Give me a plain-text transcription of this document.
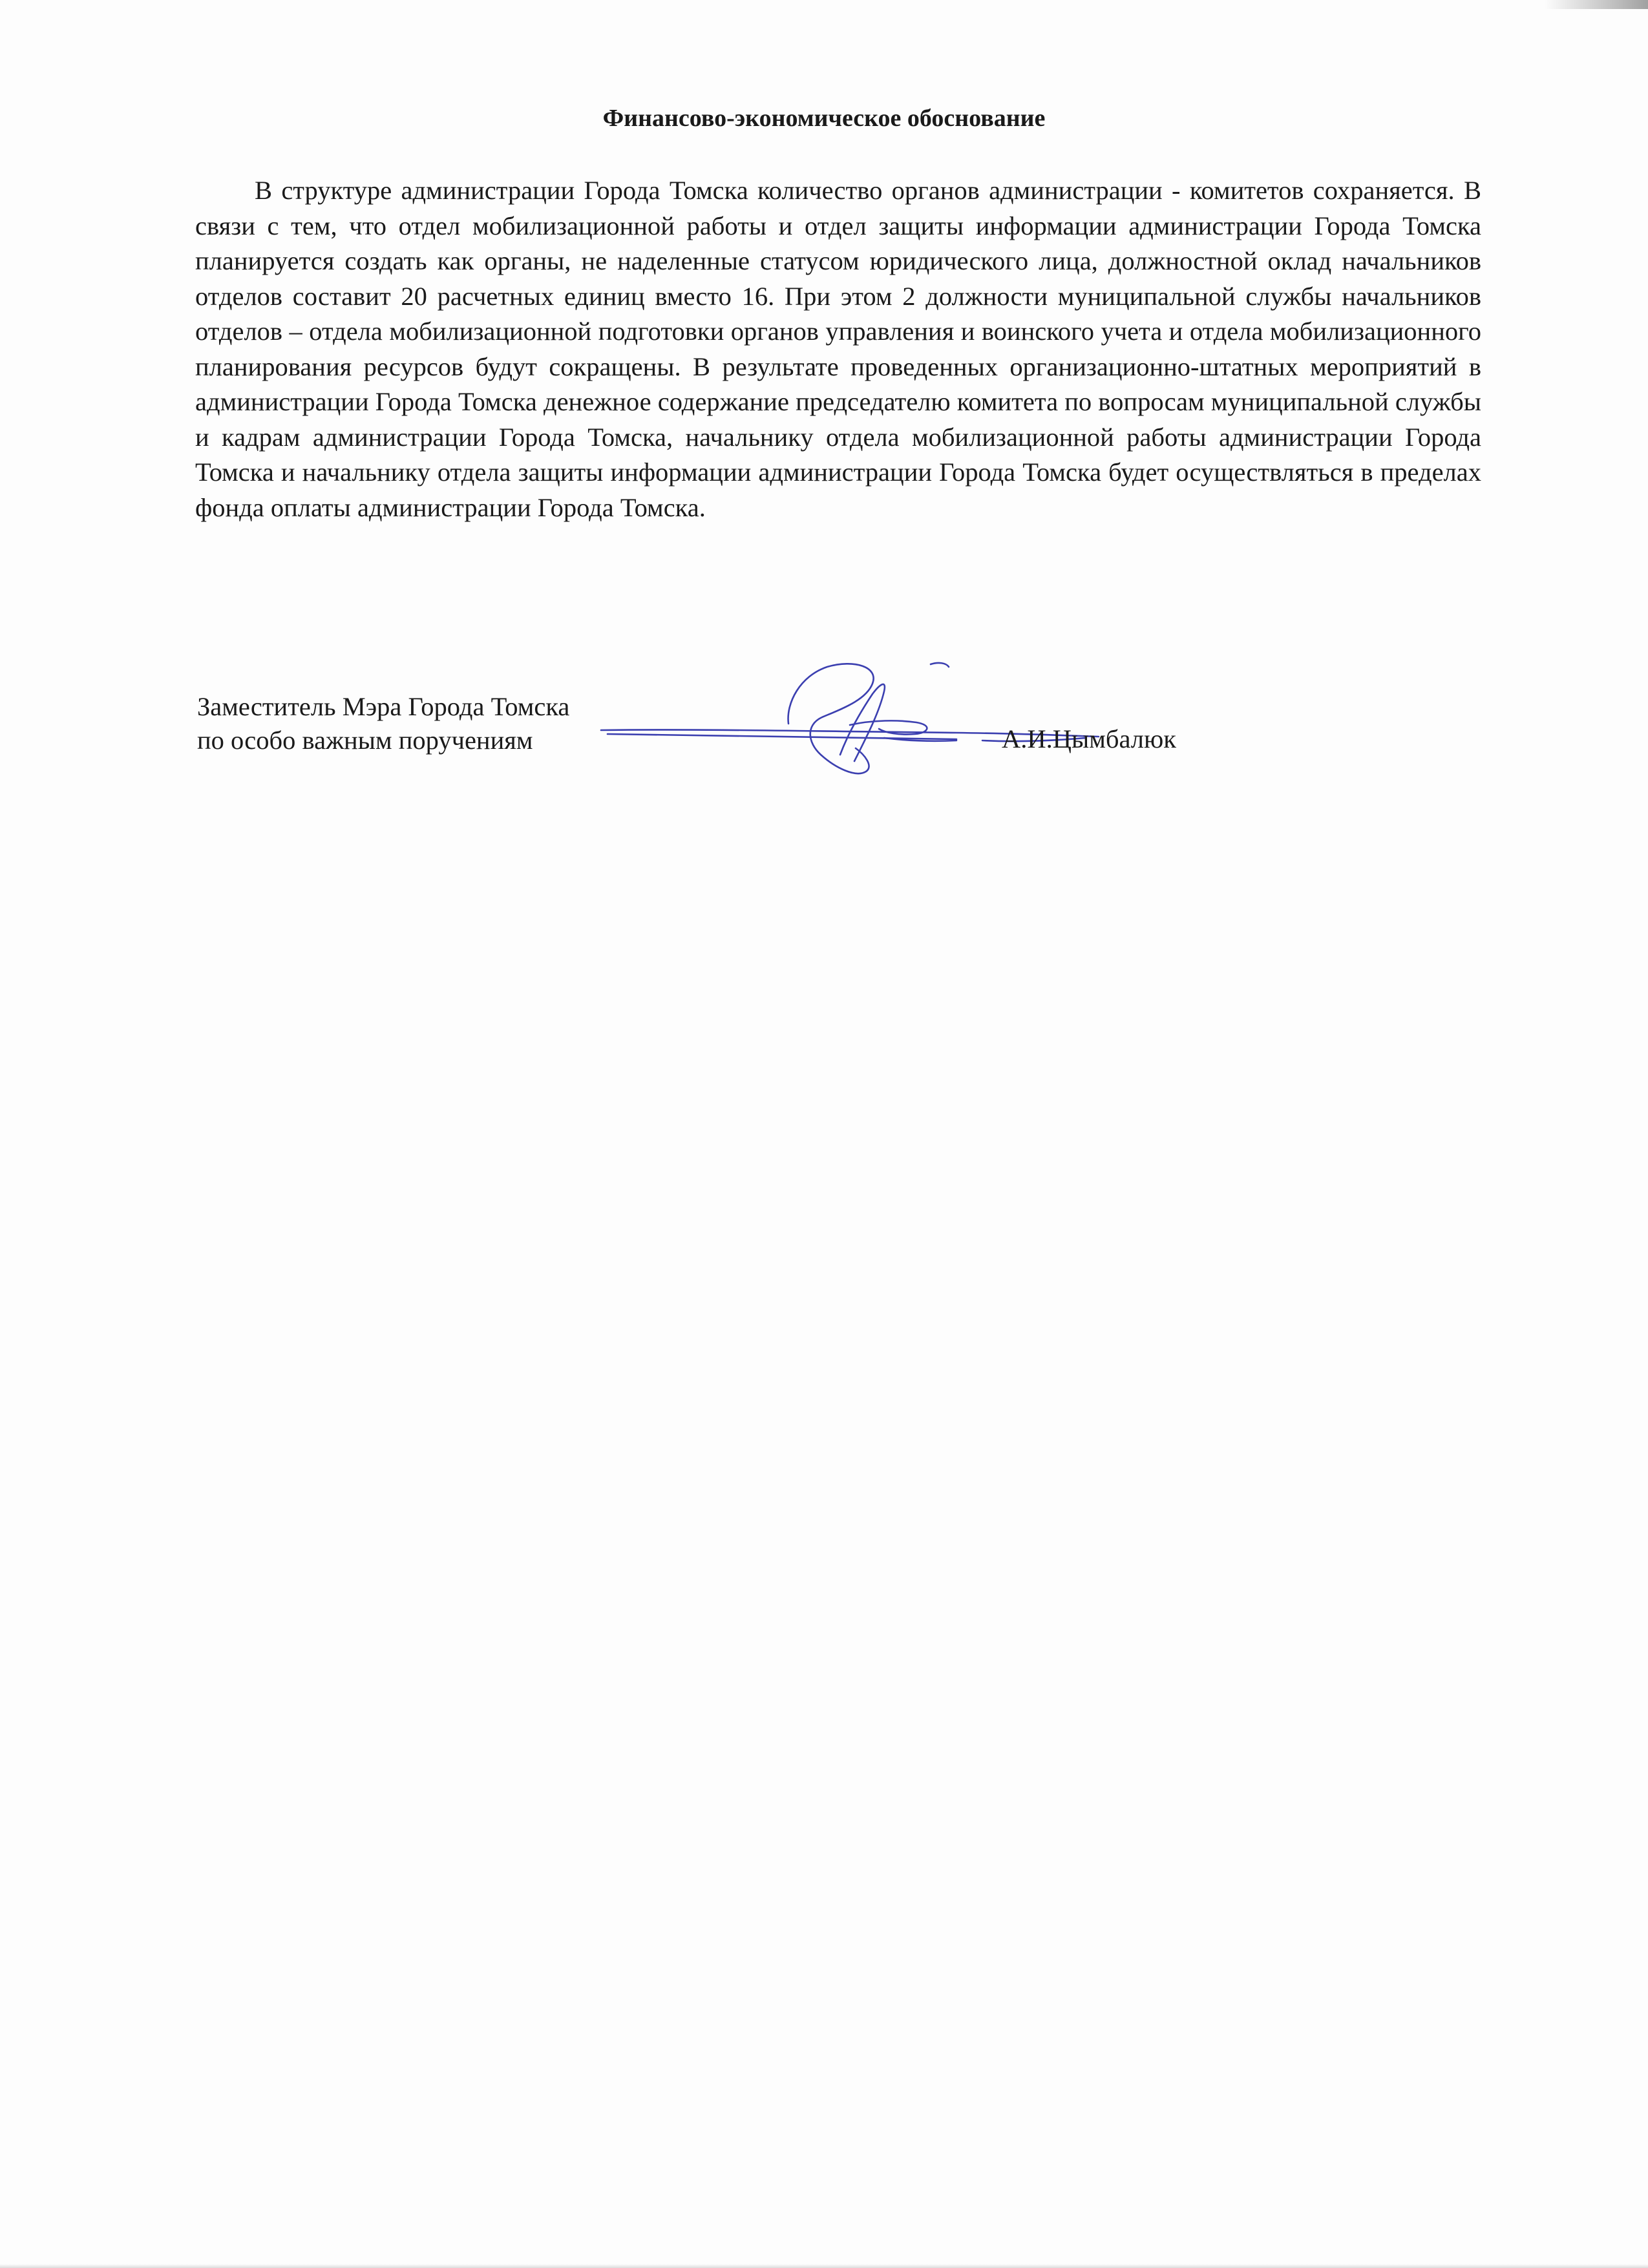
Финансово-экономическое обоснование

В структуре администрации Города Томска количество органов администрации - комитетов сохраняется. В связи с тем, что отдел мобилизационной работы и отдел защиты информации администрации Города Томска планируется создать как органы, не наделенные статусом юридического лица, должностной оклад начальников отделов составит 20 расчетных единиц вместо 16. При этом 2 должности муниципальной службы начальников отделов – отдела мобилизационной подготовки органов управления и воинского учета и отдела мобилизационного планирования ресурсов будут сокращены. В результате проведенных организационно-штатных мероприятий в администрации Города Томска денежное содержание председателю комитета по вопросам муниципальной службы и кадрам администрации Города Томска, начальнику отдела мобилизационной работы администрации Города Томска и начальнику отдела защиты информации администрации Города Томска будет осуществляться в пределах фонда оплаты администрации Города Томска.

Заместитель Мэра Города Томска
по особо важным поручениям	А.И.Цымбалюк
